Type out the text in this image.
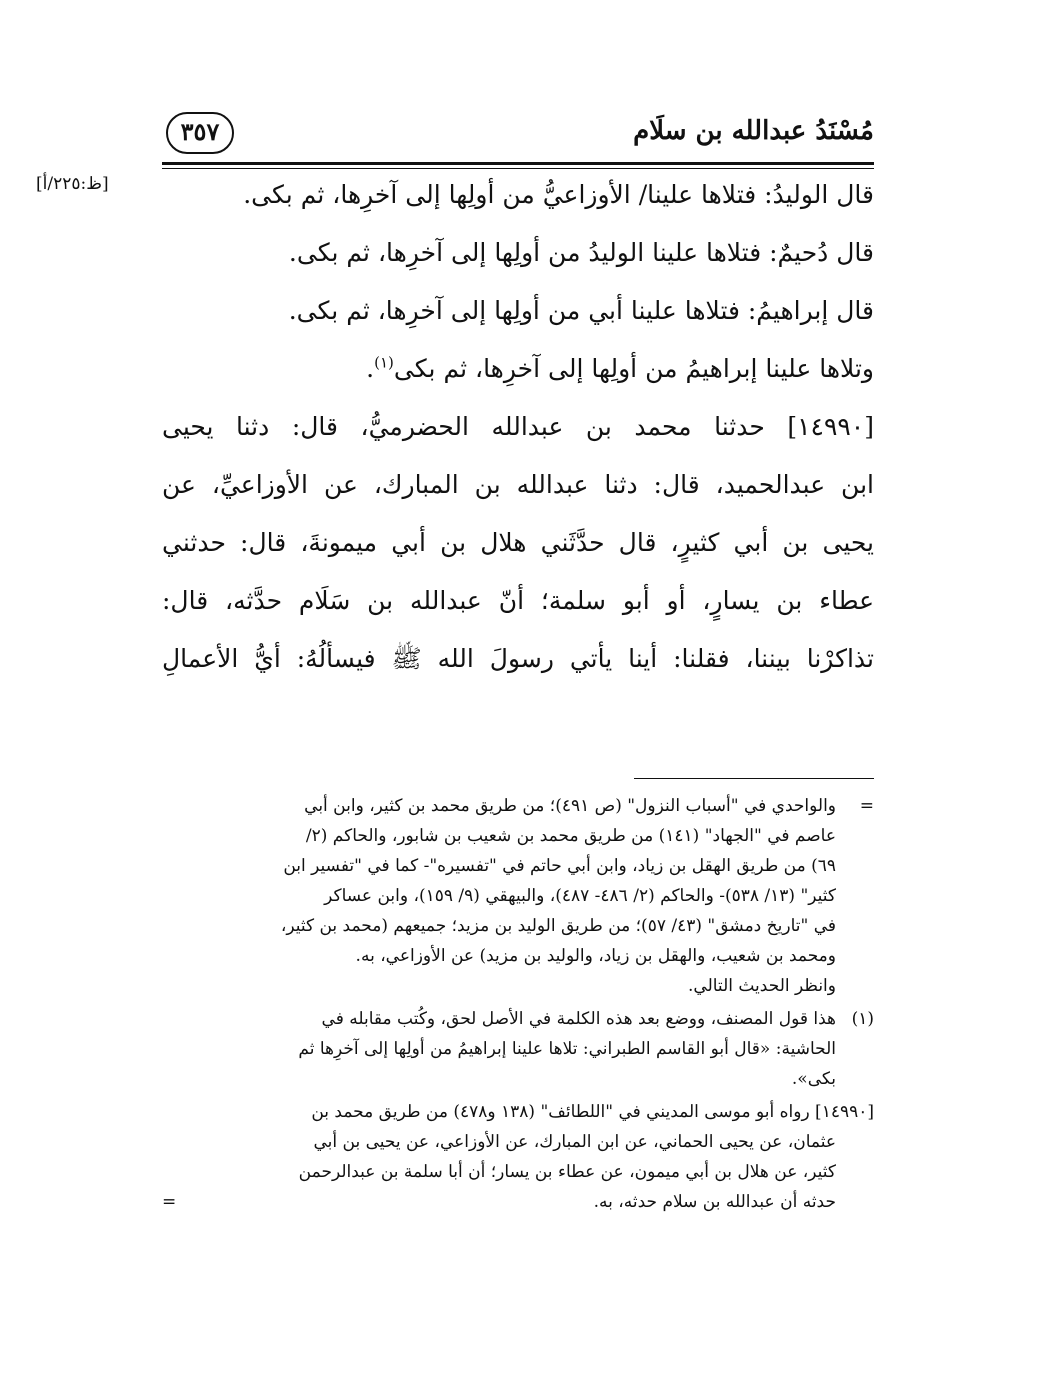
مُسْنَدُ عبدالله بن سلَام
٣٥٧
[ظ:٢٢٥/أ]	قال الوليدُ: فتلاها علينا/ الأوزاعيُّ من أولِها إلى آخرِها، ثم بكى.
قال دُحيمٌ: فتلاها علينا الوليدُ من أولِها إلى آخرِها، ثم بكى.
قال إبراهيمُ: فتلاها علينا أبي من أولِها إلى آخرِها، ثم بكى.
وتلاها علينا إبراهيمُ من أولِها إلى آخرِها، ثم بكى$^{(١)}$.
[١٤٩٩٠] حدثنا محمد بن عبدالله الحضرميُّ، قال: دثنا يحيى
ابن عبدالحميد، قال: دثنا عبدالله بن المبارك، عن الأوزاعيِّ، عن
يحيى بن أبي كثيرٍ، قال حدَّثَني هلال بن أبي ميمونةَ، قال: حدثني
عطاء بن يسارٍ، أو أبو سلمة؛ أنّ عبدالله بن سَلَام حدَّثه، قال:
تذاكرْنا بيننا، فقلنا: أينا يأتي رسولَ الله ﷺ فيسألُهُ: أيُّ الأعمالِ
=
والواحدي في "أسباب النزول" (ص ٤٩١)؛ من طريق محمد بن كثير، وابن أبي
عاصم في "الجهاد" (١٤١) من طريق محمد بن شعيب بن شابور، والحاكم (٢/
٦٩) من طريق الهقل بن زياد، وابن أبي حاتم في "تفسيره"- كما في "تفسير ابن
كثير" (١٣/ ٥٣٨)- والحاكم (٢/ ٤٨٦- ٤٨٧)، والبيهقي (٩/ ١٥٩)، وابن عساكر
في "تاريخ دمشق" (٤٣/ ٥٧)؛ من طريق الوليد بن مزيد؛ جميعهم (محمد بن كثير،
ومحمد بن شعيب، والهقل بن زياد، والوليد بن مزيد) عن الأوزاعي، به.
وانظر الحديث التالي.
(١)
هذا قول المصنف، ووضع بعد هذه الكلمة في الأصل لحق، وكُتب مقابله في
الحاشية: «قال أبو القاسم الطبراني: تلاها علينا إبراهيمُ من أولِها إلى آخرِها ثم
بكى».
[١٤٩٩٠] رواه أبو موسى المديني في "اللطائف" (١٣٨ و٤٧٨) من طريق محمد بن
عثمان، عن يحيى الحماني، عن ابن المبارك، عن الأوزاعي، عن يحيى بن أبي
كثير، عن هلال بن أبي ميمون، عن عطاء بن يسار؛ أن أبا سلمة بن عبدالرحمن
حدثه أن عبدالله بن سلام حدثه، به.
=
